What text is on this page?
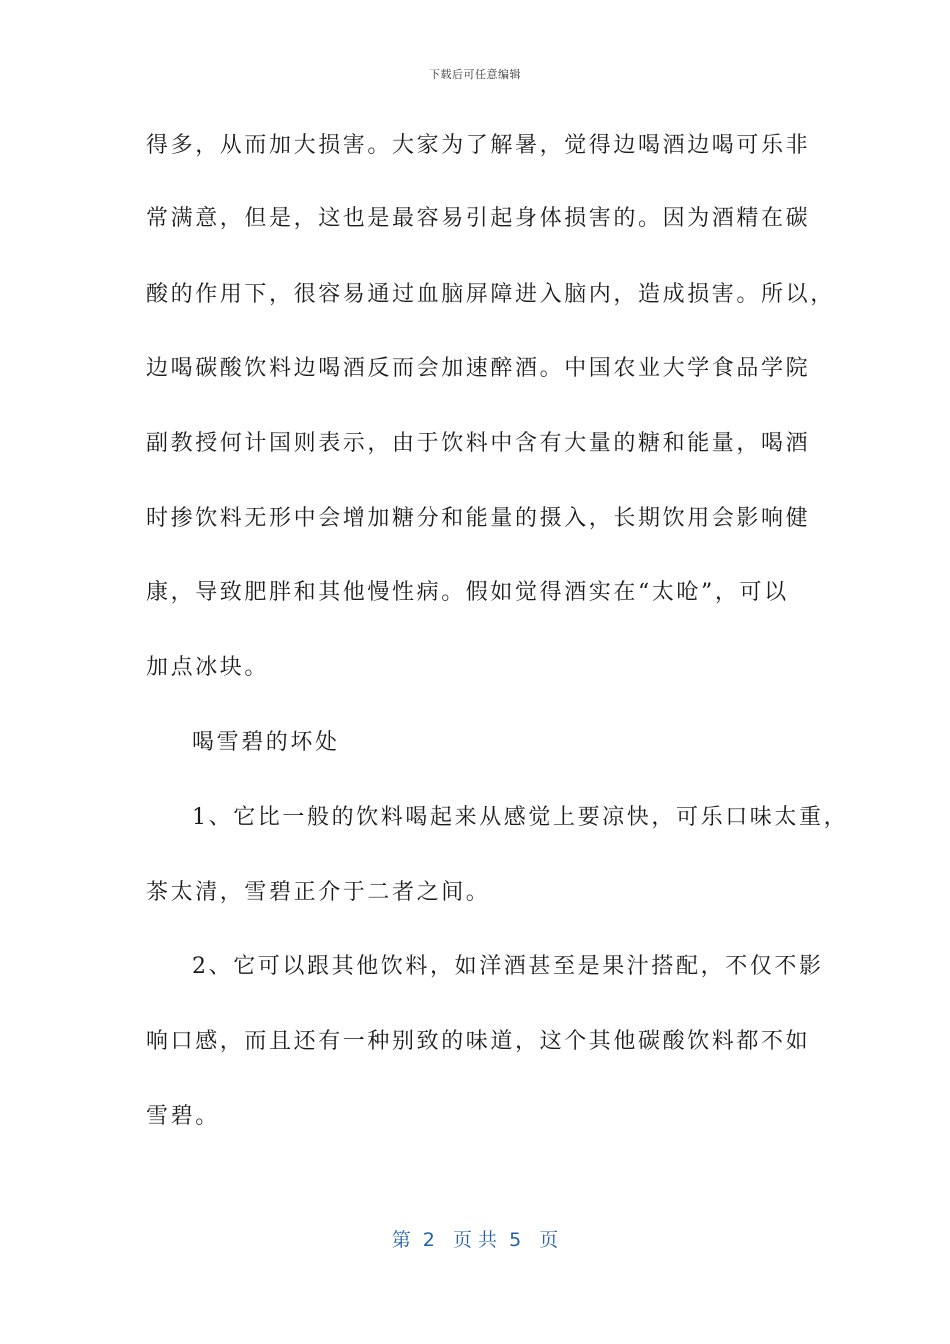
下载后可任意编辑
得多，从而加大损害。大家为了解暑，觉得边喝酒边喝可乐非
常满意，但是，这也是最容易引起身体损害的。因为酒精在碳
酸的作用下，很容易通过血脑屏障进入脑内，造成损害。所以，
边喝碳酸饮料边喝酒反而会加速醉酒。中国农业大学食品学院
副教授何计国则表示，由于饮料中含有大量的糖和能量，喝酒
时掺饮料无形中会增加糖分和能量的摄入，长期饮用会影响健
康，导致肥胖和其他慢性病。假如觉得酒实在“太呛”，可以
加点冰块。
喝雪碧的坏处
1、它比一般的饮料喝起来从感觉上要凉快，可乐口味太重，
茶太清，雪碧正介于二者之间。
2、它可以跟其他饮料，如洋酒甚至是果汁搭配，不仅不影
响口感，而且还有一种别致的味道，这个其他碳酸饮料都不如
雪碧。
第  2   页 共  5   页
